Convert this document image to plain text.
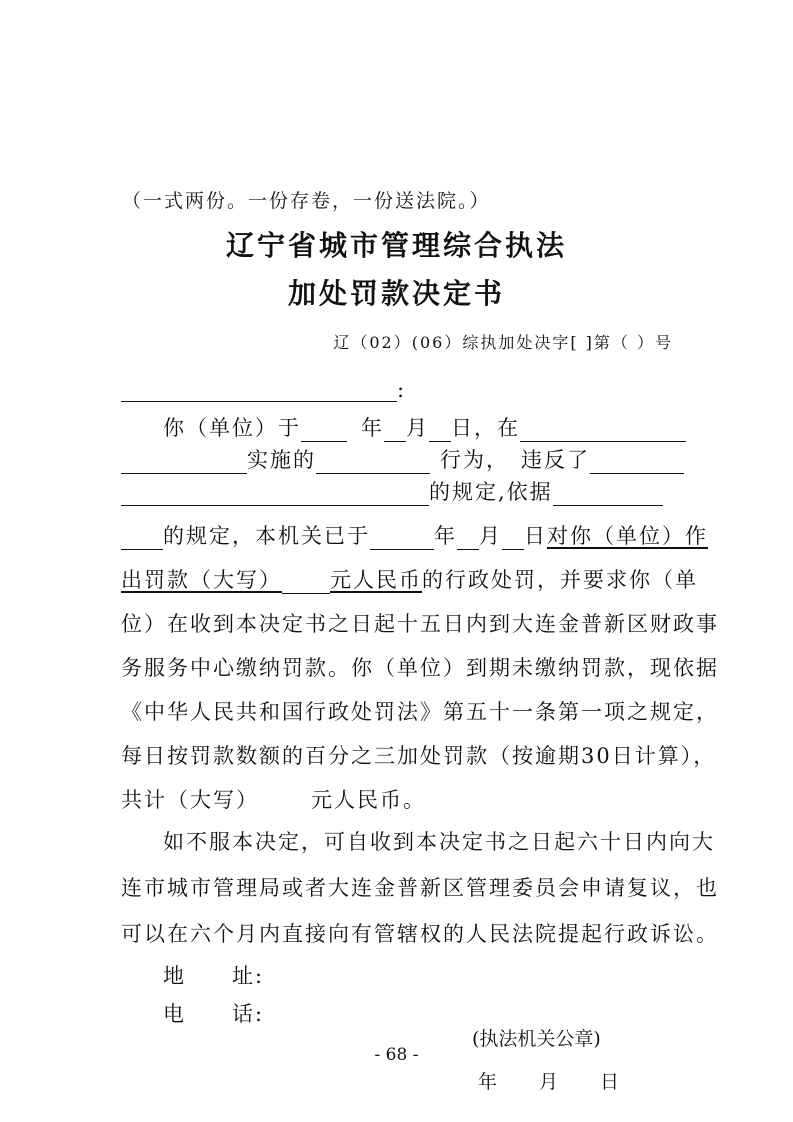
（一式两份。一份存卷，一份送法院。）
辽宁省城市管理综合执法
加处罚款决定书
辽（02）(06）综执加处决字[ ]第（ ）号
:
你（单位）于	年 月 日，在
实施的	行为， 违反了
的规定,依据
的规定，本机关已于	年 月 日对你（单位）作
出罚款（大写） 元人民币的行政处罚，并要求你（单
位）在收到本决定书之日起十五日内到大连金普新区财政事
务服务中心缴纳罚款。你（单位）到期未缴纳罚款，现依据
《中华人民共和国行政处罚法》第五十一条第一项之规定，
每日按罚款数额的百分之三加处罚款（按逾期30日计算），
共计（大写） 元人民币。
如不服本决定，可自收到本决定书之日起六十日内向大
连市城市管理局或者大连金普新区管理委员会申请复议，也
可以在六个月内直接向有管辖权的人民法院提起行政诉讼。
(执法机关公章)
- 68 -
年 月 日
地　　址:
电　　话:
